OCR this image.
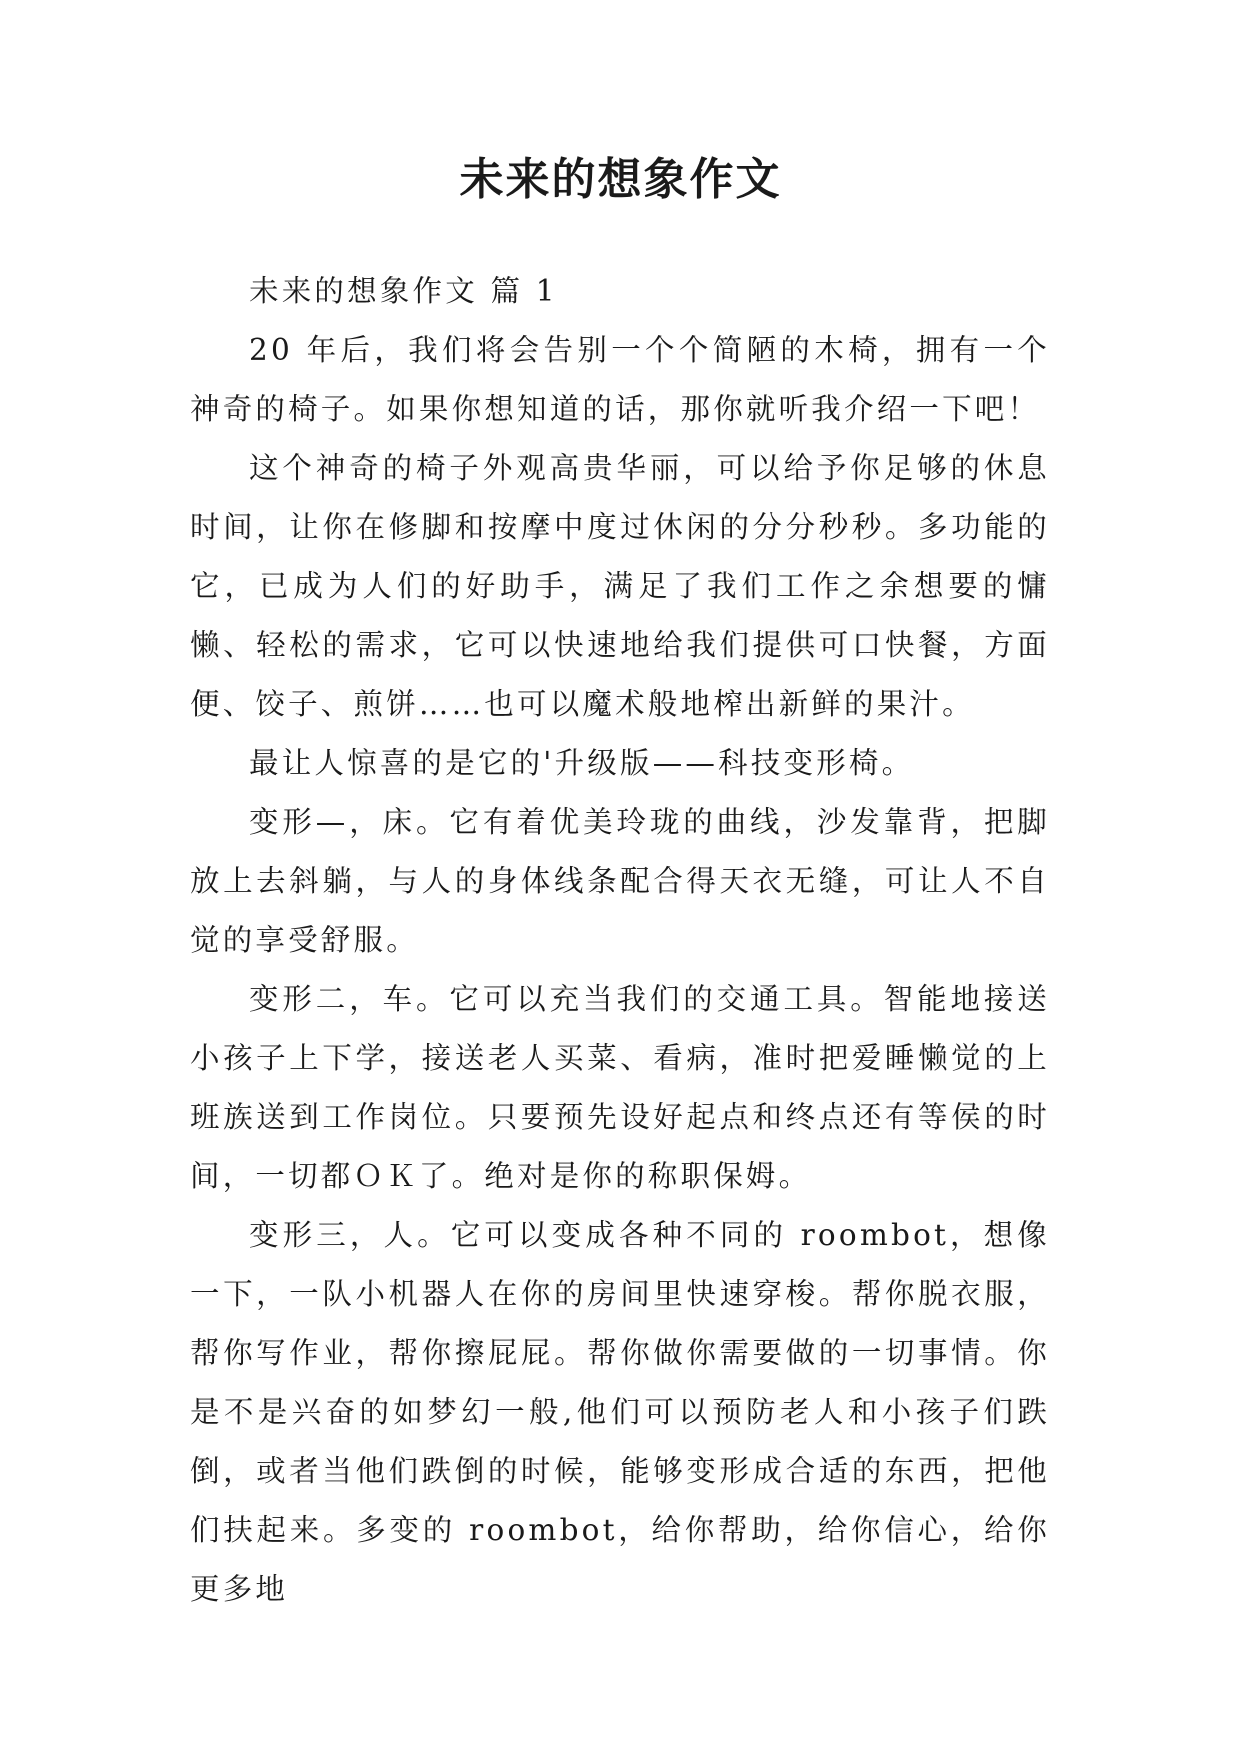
未来的想象作文

未来的想象作文 篇 1

20 年后，我们将会告别一个个简陋的木椅，拥有一个神奇的椅子。如果你想知道的话，那你就听我介绍一下吧！

这个神奇的椅子外观高贵华丽，可以给予你足够的休息时间，让你在修脚和按摩中度过休闲的分分秒秒。多功能的它，已成为人们的好助手，满足了我们工作之余想要的慵懒、轻松的需求，它可以快速地给我们提供可口快餐，方面便、饺子、煎饼……也可以魔术般地榨出新鲜的果汁。

最让人惊喜的是它的'升级版——科技变形椅。

变形—，床。它有着优美玲珑的曲线，沙发靠背，把脚放上去斜躺，与人的身体线条配合得天衣无缝，可让人不自觉的享受舒服。

变形二，车。它可以充当我们的交通工具。智能地接送小孩子上下学，接送老人买菜、看病，准时把爱睡懒觉的上班族送到工作岗位。只要预先设好起点和终点还有等侯的时间，一切都ＯＫ了。绝对是你的称职保姆。

变形三，人。它可以变成各种不同的 roombot，想像一下，一队小机器人在你的房间里快速穿梭。帮你脱衣服，帮你写作业，帮你擦屁屁。帮你做你需要做的一切事情。你是不是兴奋的如梦幻一般,他们可以预防老人和小孩子们跌倒，或者当他们跌倒的时候，能够变形成合适的东西，把他们扶起来。多变的 roombot，给你帮助，给你信心，给你更多地
